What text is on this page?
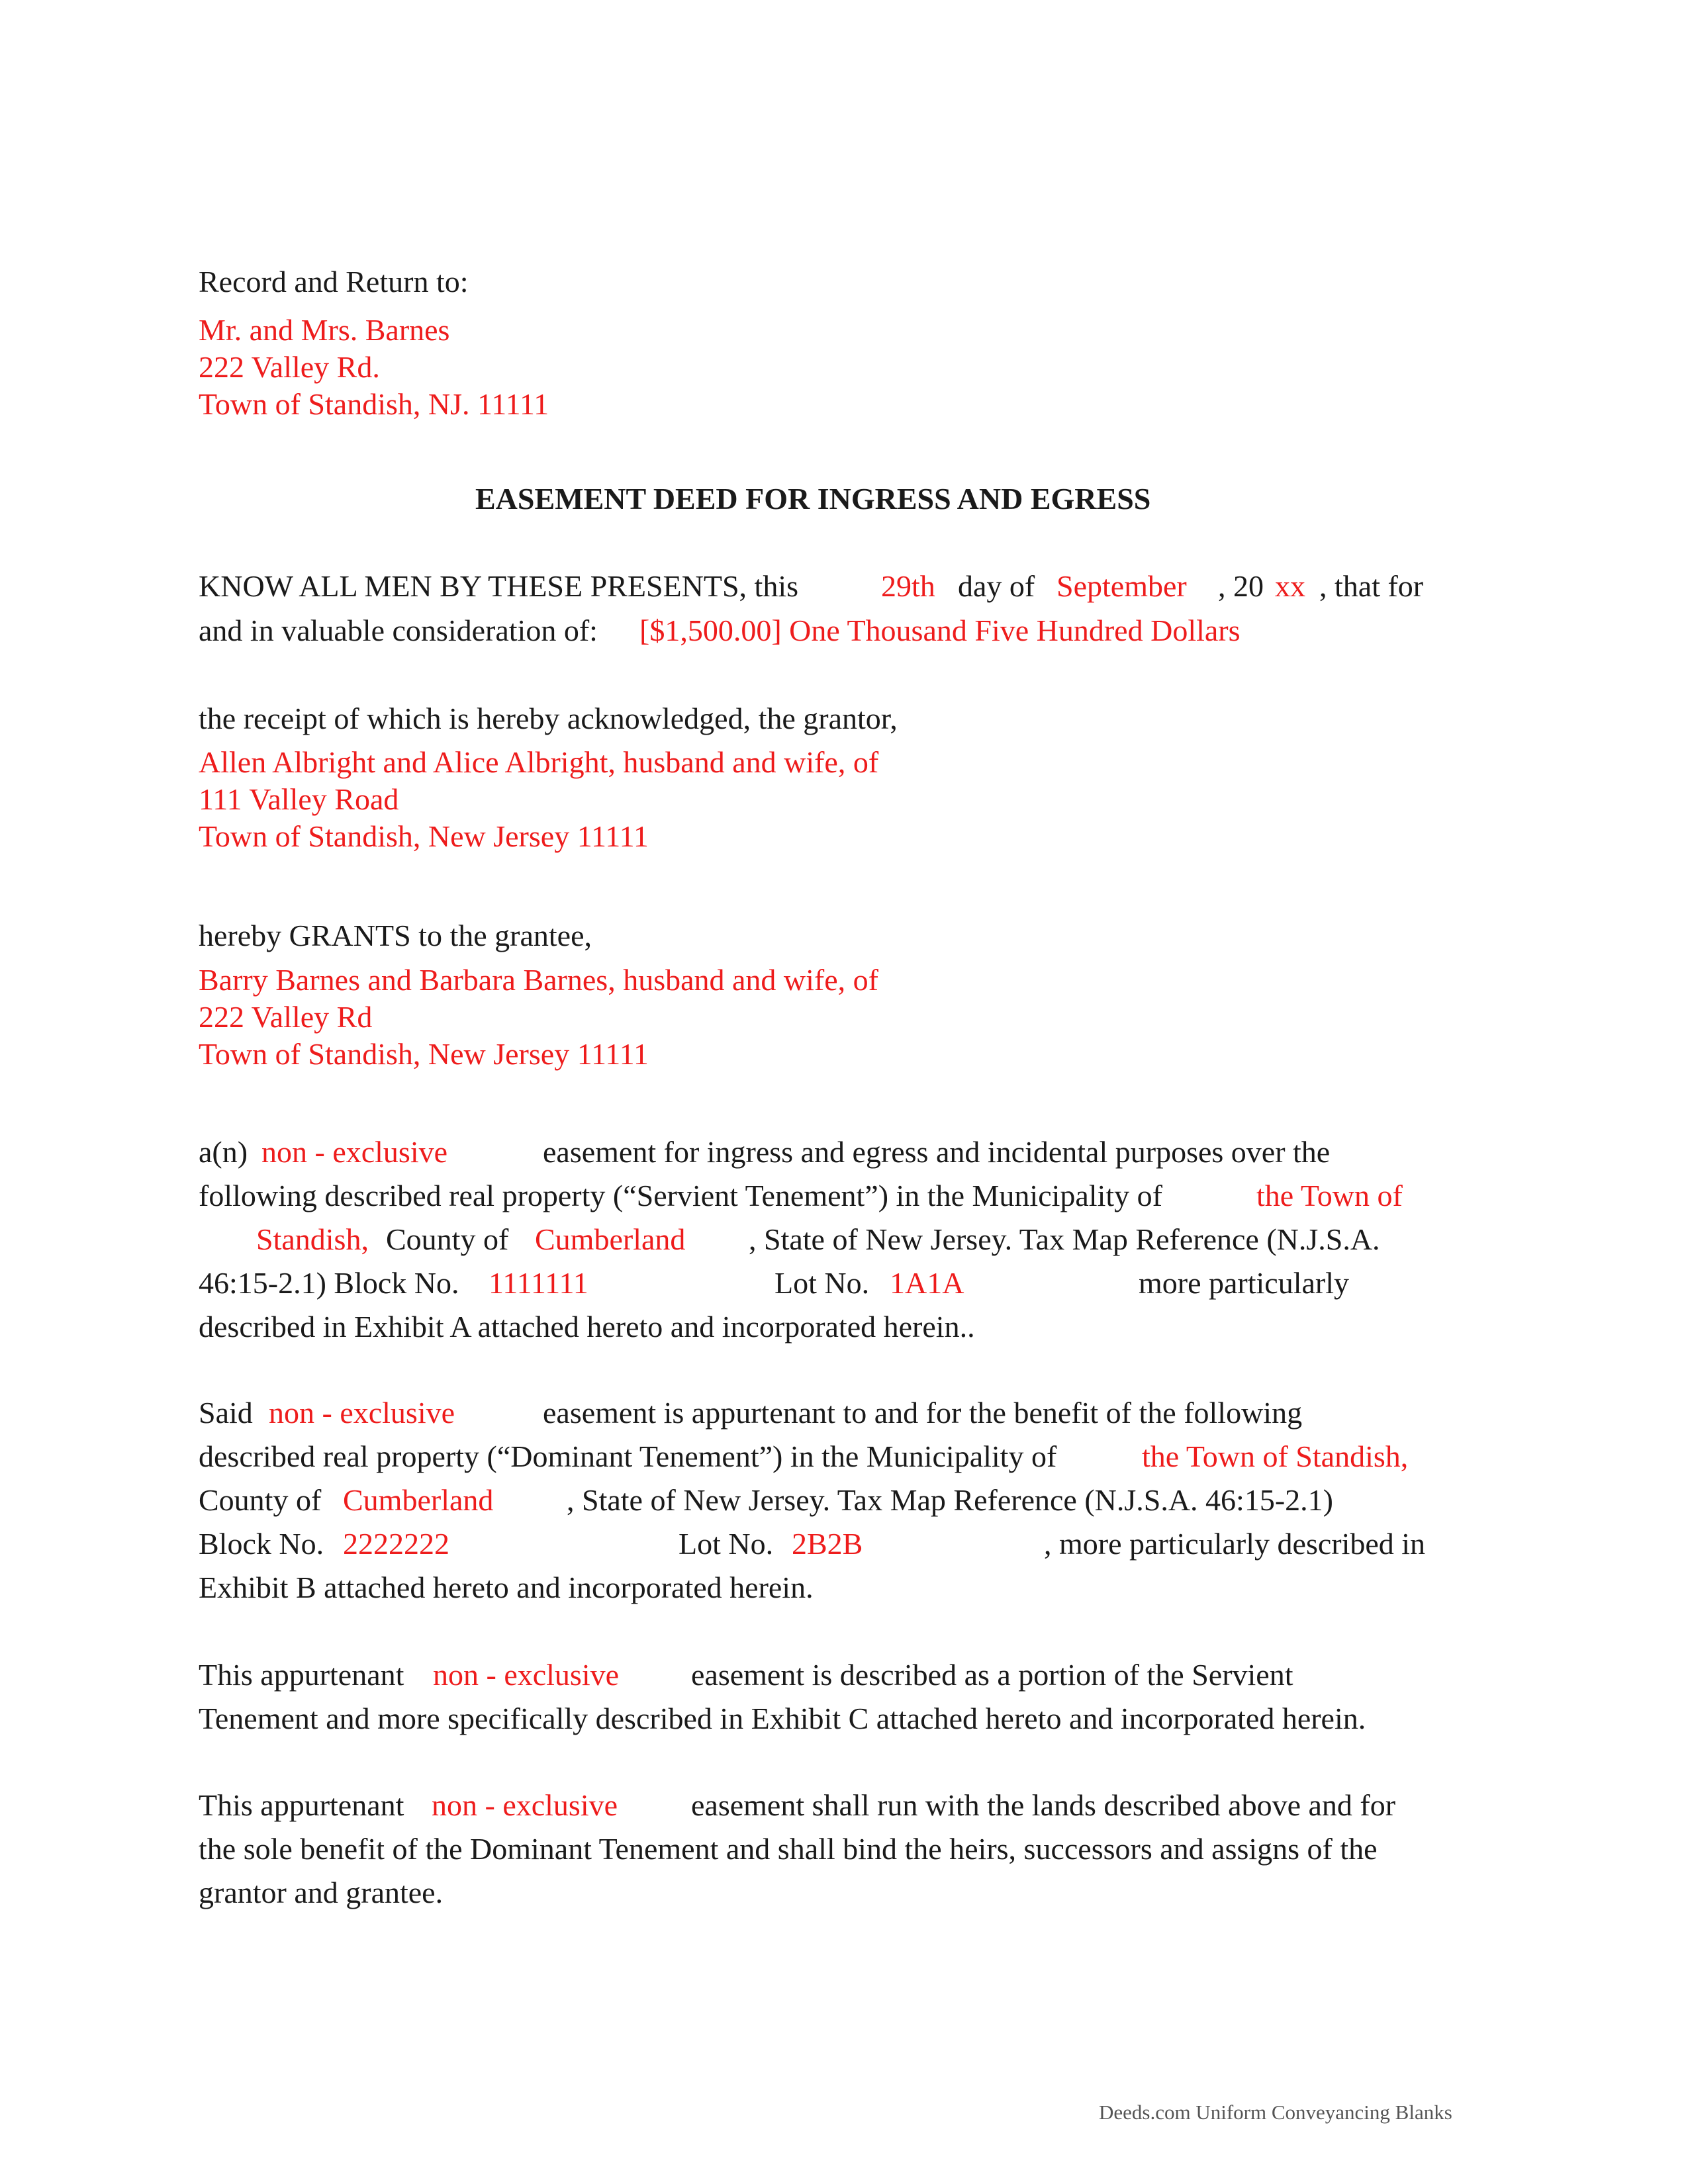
Record and Return to:
Mr. and Mrs. Barnes
222 Valley Rd.
Town of Standish, NJ. 11111
EASEMENT DEED FOR INGRESS AND EGRESS
KNOW ALL MEN BY THESE PRESENTS, this	29th day of September , 20 xx , that for
and in valuable consideration of: [$1,500.00] One Thousand Five Hundred Dollars
the receipt of which is hereby acknowledged, the grantor,
Allen Albright and Alice Albright, husband and wife, of
111 Valley Road
Town of Standish, New Jersey 11111
hereby GRANTS to the grantee,
Barry Barnes and Barbara Barnes, husband and wife, of
222 Valley Rd
Town of Standish, New Jersey 11111
a(n) non - exclusive	easement for ingress and egress and incidental purposes over the
following described real property (“Servient Tenement”) in the Municipality of	the Town of
Standish, County of Cumberland , State of New Jersey. Tax Map Reference (N.J.S.A.
46:15-2.1) Block No. 1111111	Lot No. 1A1A	more particularly
described in Exhibit A attached hereto and incorporated herein..
Said non - exclusive	easement is appurtenant to and for the benefit of the following
described real property (“Dominant Tenement”) in the Municipality of	the Town of Standish,
County of Cumberland , State of New Jersey. Tax Map Reference (N.J.S.A. 46:15-2.1)
Block No. 2222222	Lot No. 2B2B	, more particularly described in
Exhibit B attached hereto and incorporated herein.
This appurtenant non - exclusive easement is described as a portion of the Servient
Tenement and more specifically described in Exhibit C attached hereto and incorporated herein.
This appurtenant non - exclusive easement shall run with the lands described above and for
the sole benefit of the Dominant Tenement and shall bind the heirs, successors and assigns of the
grantor and grantee.
Deeds.com Uniform Conveyancing Blanks
